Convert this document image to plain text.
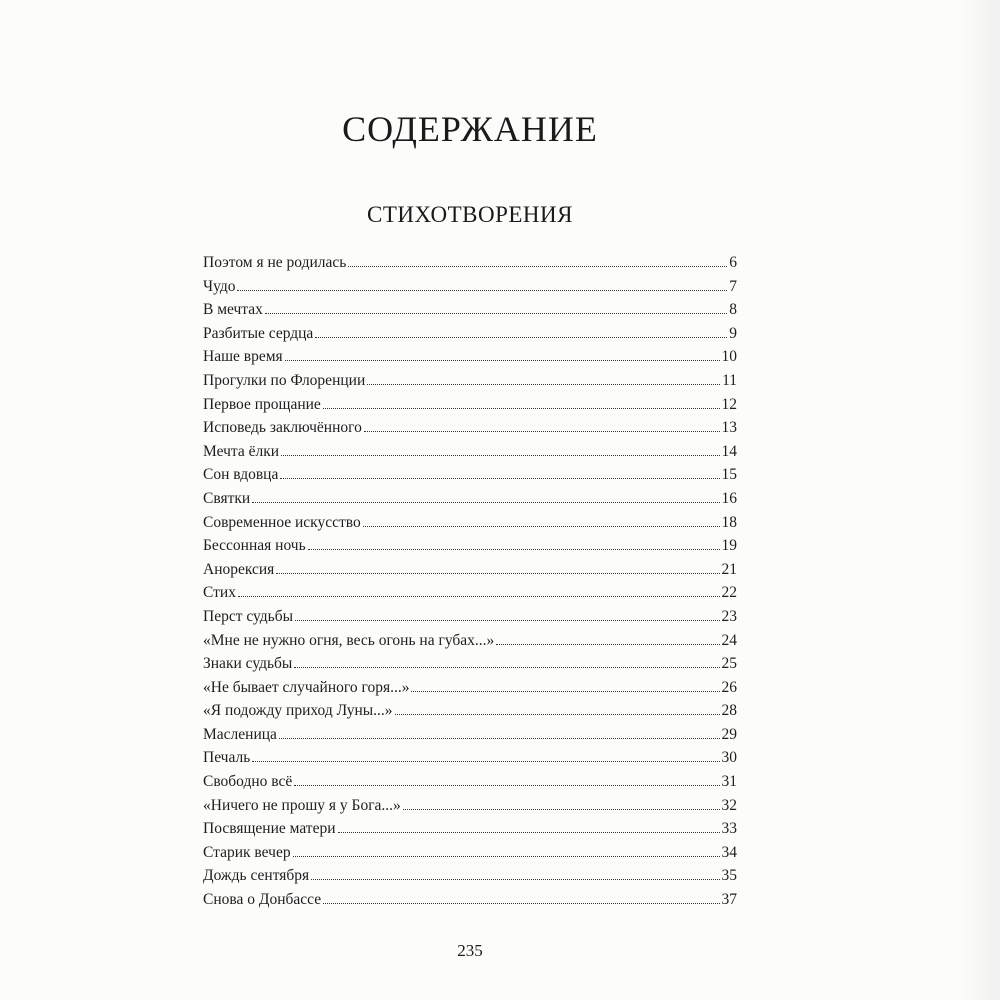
СОДЕРЖАНИЕ
СТИХОТВОРЕНИЯ
Поэтом я не родилась	6
Чудо	7
В мечтах	8
Разбитые сердца	9
Наше время	10
Прогулки по Флоренции	11
Первое прощание	12
Исповедь заключённого	13
Мечта ёлки	14
Сон вдовца	15
Святки	16
Современное искусство	18
Бессонная ночь	19
Анорексия	21
Стих	22
Перст судьбы	23
«Мне не нужно огня, весь огонь на губах...»	24
Знаки судьбы	25
«Не бывает случайного горя...»	26
«Я подожду приход Луны...»	28
Масленица	29
Печаль	30
Свободно всё	31
«Ничего не прошу я у Бога...»	32
Посвящение матери	33
Старик вечер	34
Дождь сентября	35
Снова о Донбассе	37
235
